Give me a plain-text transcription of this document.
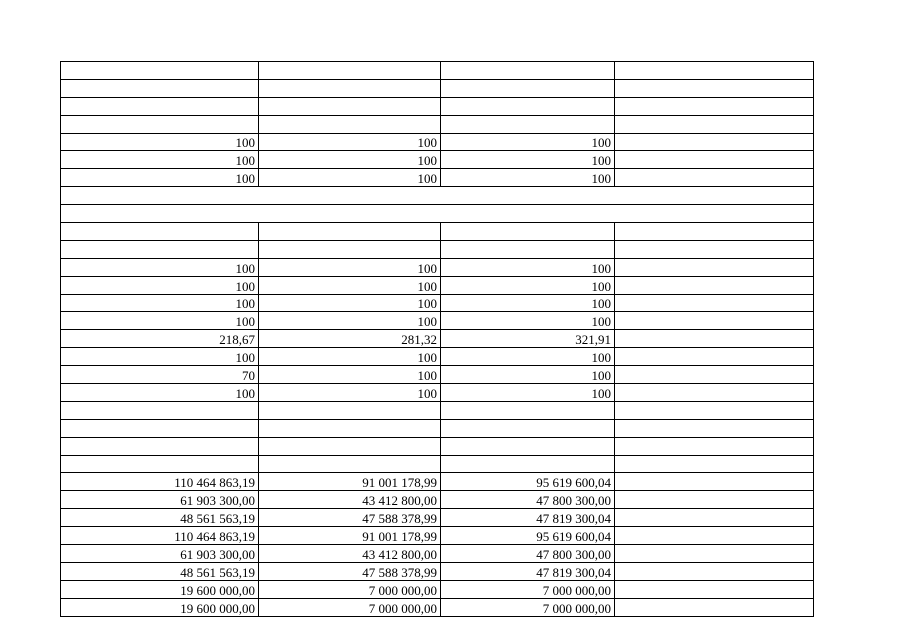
100	100	100	
100	100	100	
100	100	100	

100	100	100	
100	100	100	
100	100	100	
100	100	100	
218,67	281,32	321,91	
100	100	100	
70	100	100	
100	100	100	

110 464 863,19	91 001 178,99	95 619 600,04	
61 903 300,00	43 412 800,00	47 800 300,00	
48 561 563,19	47 588 378,99	47 819 300,04	
110 464 863,19	91 001 178,99	95 619 600,04	
61 903 300,00	43 412 800,00	47 800 300,00	
48 561 563,19	47 588 378,99	47 819 300,04	
19 600 000,00	7 000 000,00	7 000 000,00	
19 600 000,00	7 000 000,00	7 000 000,00	
